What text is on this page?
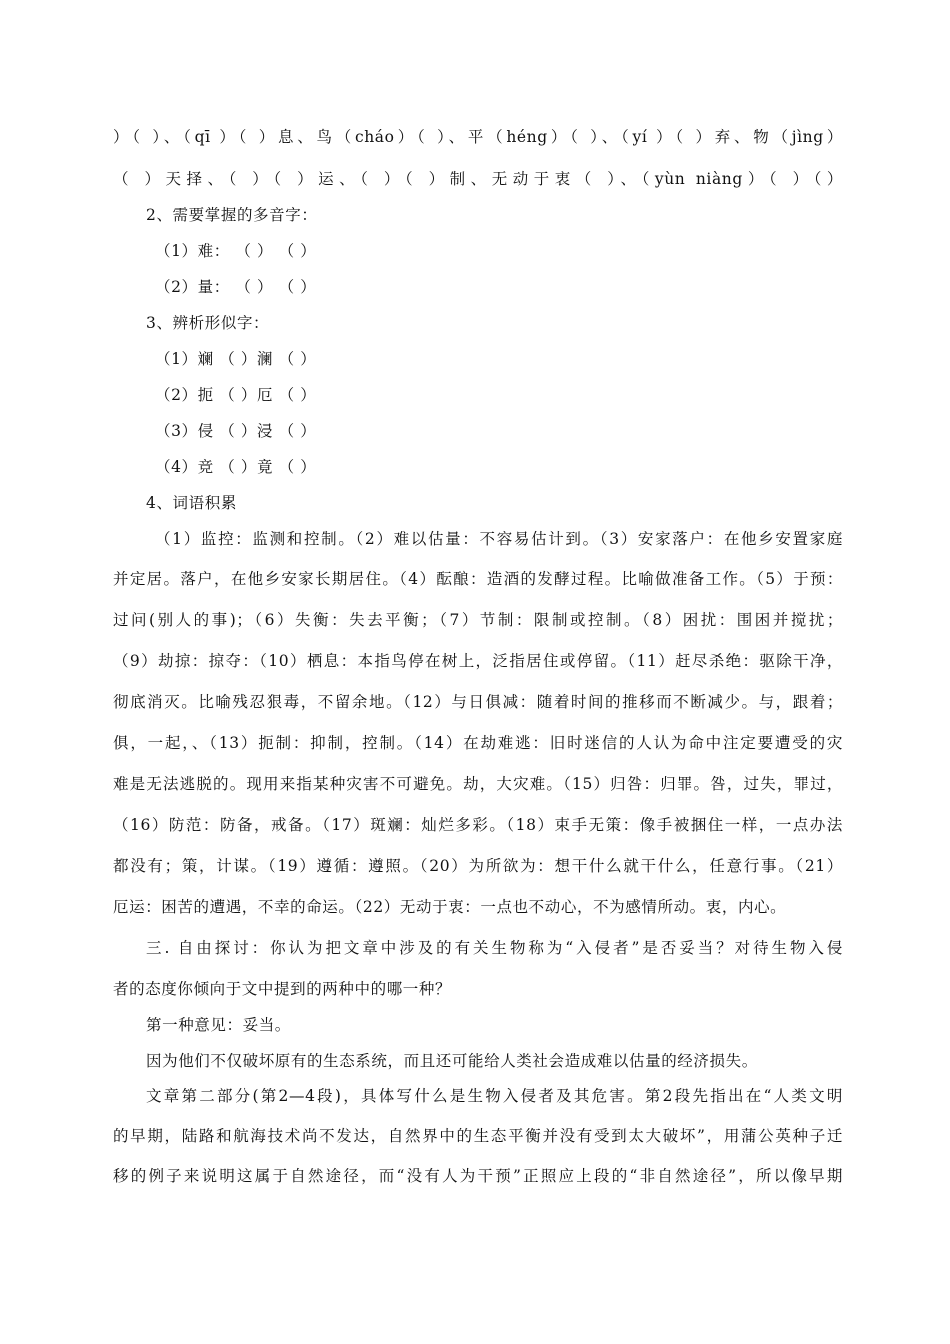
）（ ）、（qī ）（ ）息、鸟（cháo）（ ）、平（héng）（ ）、（yí ）（ ）弃、物（jìng）
（ ）天择、（ ）（ ）运、（ ）（ ）制、无动于衷（ ）、（yùn niàng）（ ）（）
2、需要掌握的多音字：
（1）难： （ ） （ ）
（2）量： （ ） （ ）
3、辨析形似字：
（1）斓 （ ）澜 （ ）
（2）扼 （ ）厄 （ ）
（3）侵 （ ）浸 （ ）
（4）竞 （ ）竟 （ ）
4、词语积累
（1）监控：监测和控制。（2）难以估量：不容易估计到。（3）安家落户：在他乡安置家庭
并定居。落户，在他乡安家长期居住。（4）酝酿：造酒的发酵过程。比喻做准备工作。（5）于预：
过问(别人的事)；（6）失衡：失去平衡；（7）节制：限制或控制。（8）困扰：围困并搅扰；
（9）劫掠：掠夺：（10）栖息：本指鸟停在树上，泛指居住或停留。（11）赶尽杀绝：驱除干净，
彻底消灭。比喻残忍狠毒，不留余地。（12）与日俱减：随着时间的推移而不断减少。与，跟着；
俱，一起，、（13）扼制：抑制，控制。（14）在劫难逃：旧时迷信的人认为命中注定要遭受的灾
难是无法逃脱的。现用来指某种灾害不可避免。劫，大灾难。（15）归咎：归罪。咎，过失，罪过，
（16）防范：防备，戒备。（17）斑斓：灿烂多彩。（18）束手无策：像手被捆住一样，一点办法
都没有；策，计谋。（19）遵循：遵照。（20）为所欲为：想干什么就干什么，任意行事。（21）
厄运：困苦的遭遇，不幸的命运。（22）无动于衷：一点也不动心，不为感情所动。衷，内心。
三. 自由探讨：你认为把文章中涉及的有关生物称为“入侵者”是否妥当？对待生物入侵
者的态度你倾向于文中提到的两种中的哪一种？
第一种意见：妥当。
因为他们不仅破坏原有的生态系统，而且还可能给人类社会造成难以估量的经济损失。
文章第二部分(第2—4段)，具体写什么是生物入侵者及其危害。第2段先指出在“人类文明
的早期，陆路和航海技术尚不发达，自然界中的生态平衡并没有受到太大破坏”，用蒲公英种子迁
移的例子来说明这属于自然途径，而“没有人为干预”正照应上段的“非自然途径”，所以像早期
